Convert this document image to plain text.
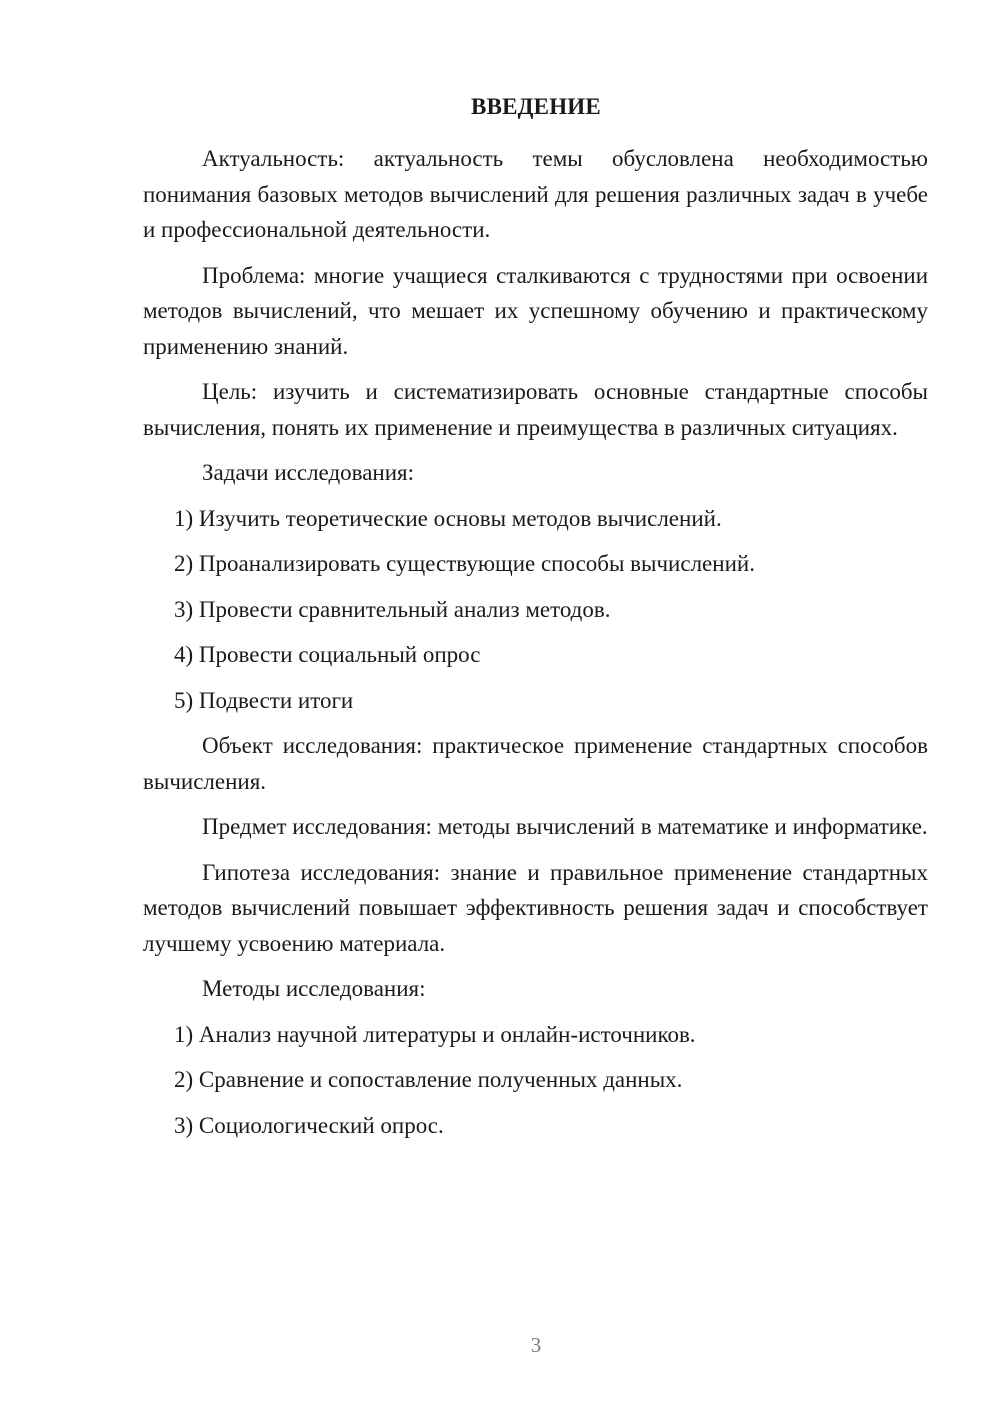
ВВЕДЕНИЕ

Актуальность: актуальность темы обусловлена необходимостью понимания базовых методов вычислений для решения различных задач в учебе и профессиональной деятельности.

Проблема: многие учащиеся сталкиваются с трудностями при освоении методов вычислений, что мешает их успешному обучению и практическому применению знаний.

Цель: изучить и систематизировать основные стандартные способы вычисления, понять их применение и преимущества в различных ситуациях.

Задачи исследования:

1) Изучить теоретические основы методов вычислений.

2) Проанализировать существующие способы вычислений.

3) Провести сравнительный анализ методов.

4) Провести социальный опрос

5) Подвести итоги

Объект исследования: практическое применение стандартных способов вычисления.

Предмет исследования: методы вычислений в математике и информатике.

Гипотеза исследования: знание и правильное применение стандартных методов вычислений повышает эффективность решения задач и способствует лучшему усвоению материала.

Методы исследования:

1) Анализ научной литературы и онлайн-источников.

2) Сравнение и сопоставление полученных данных.

3) Социологический опрос.

3
